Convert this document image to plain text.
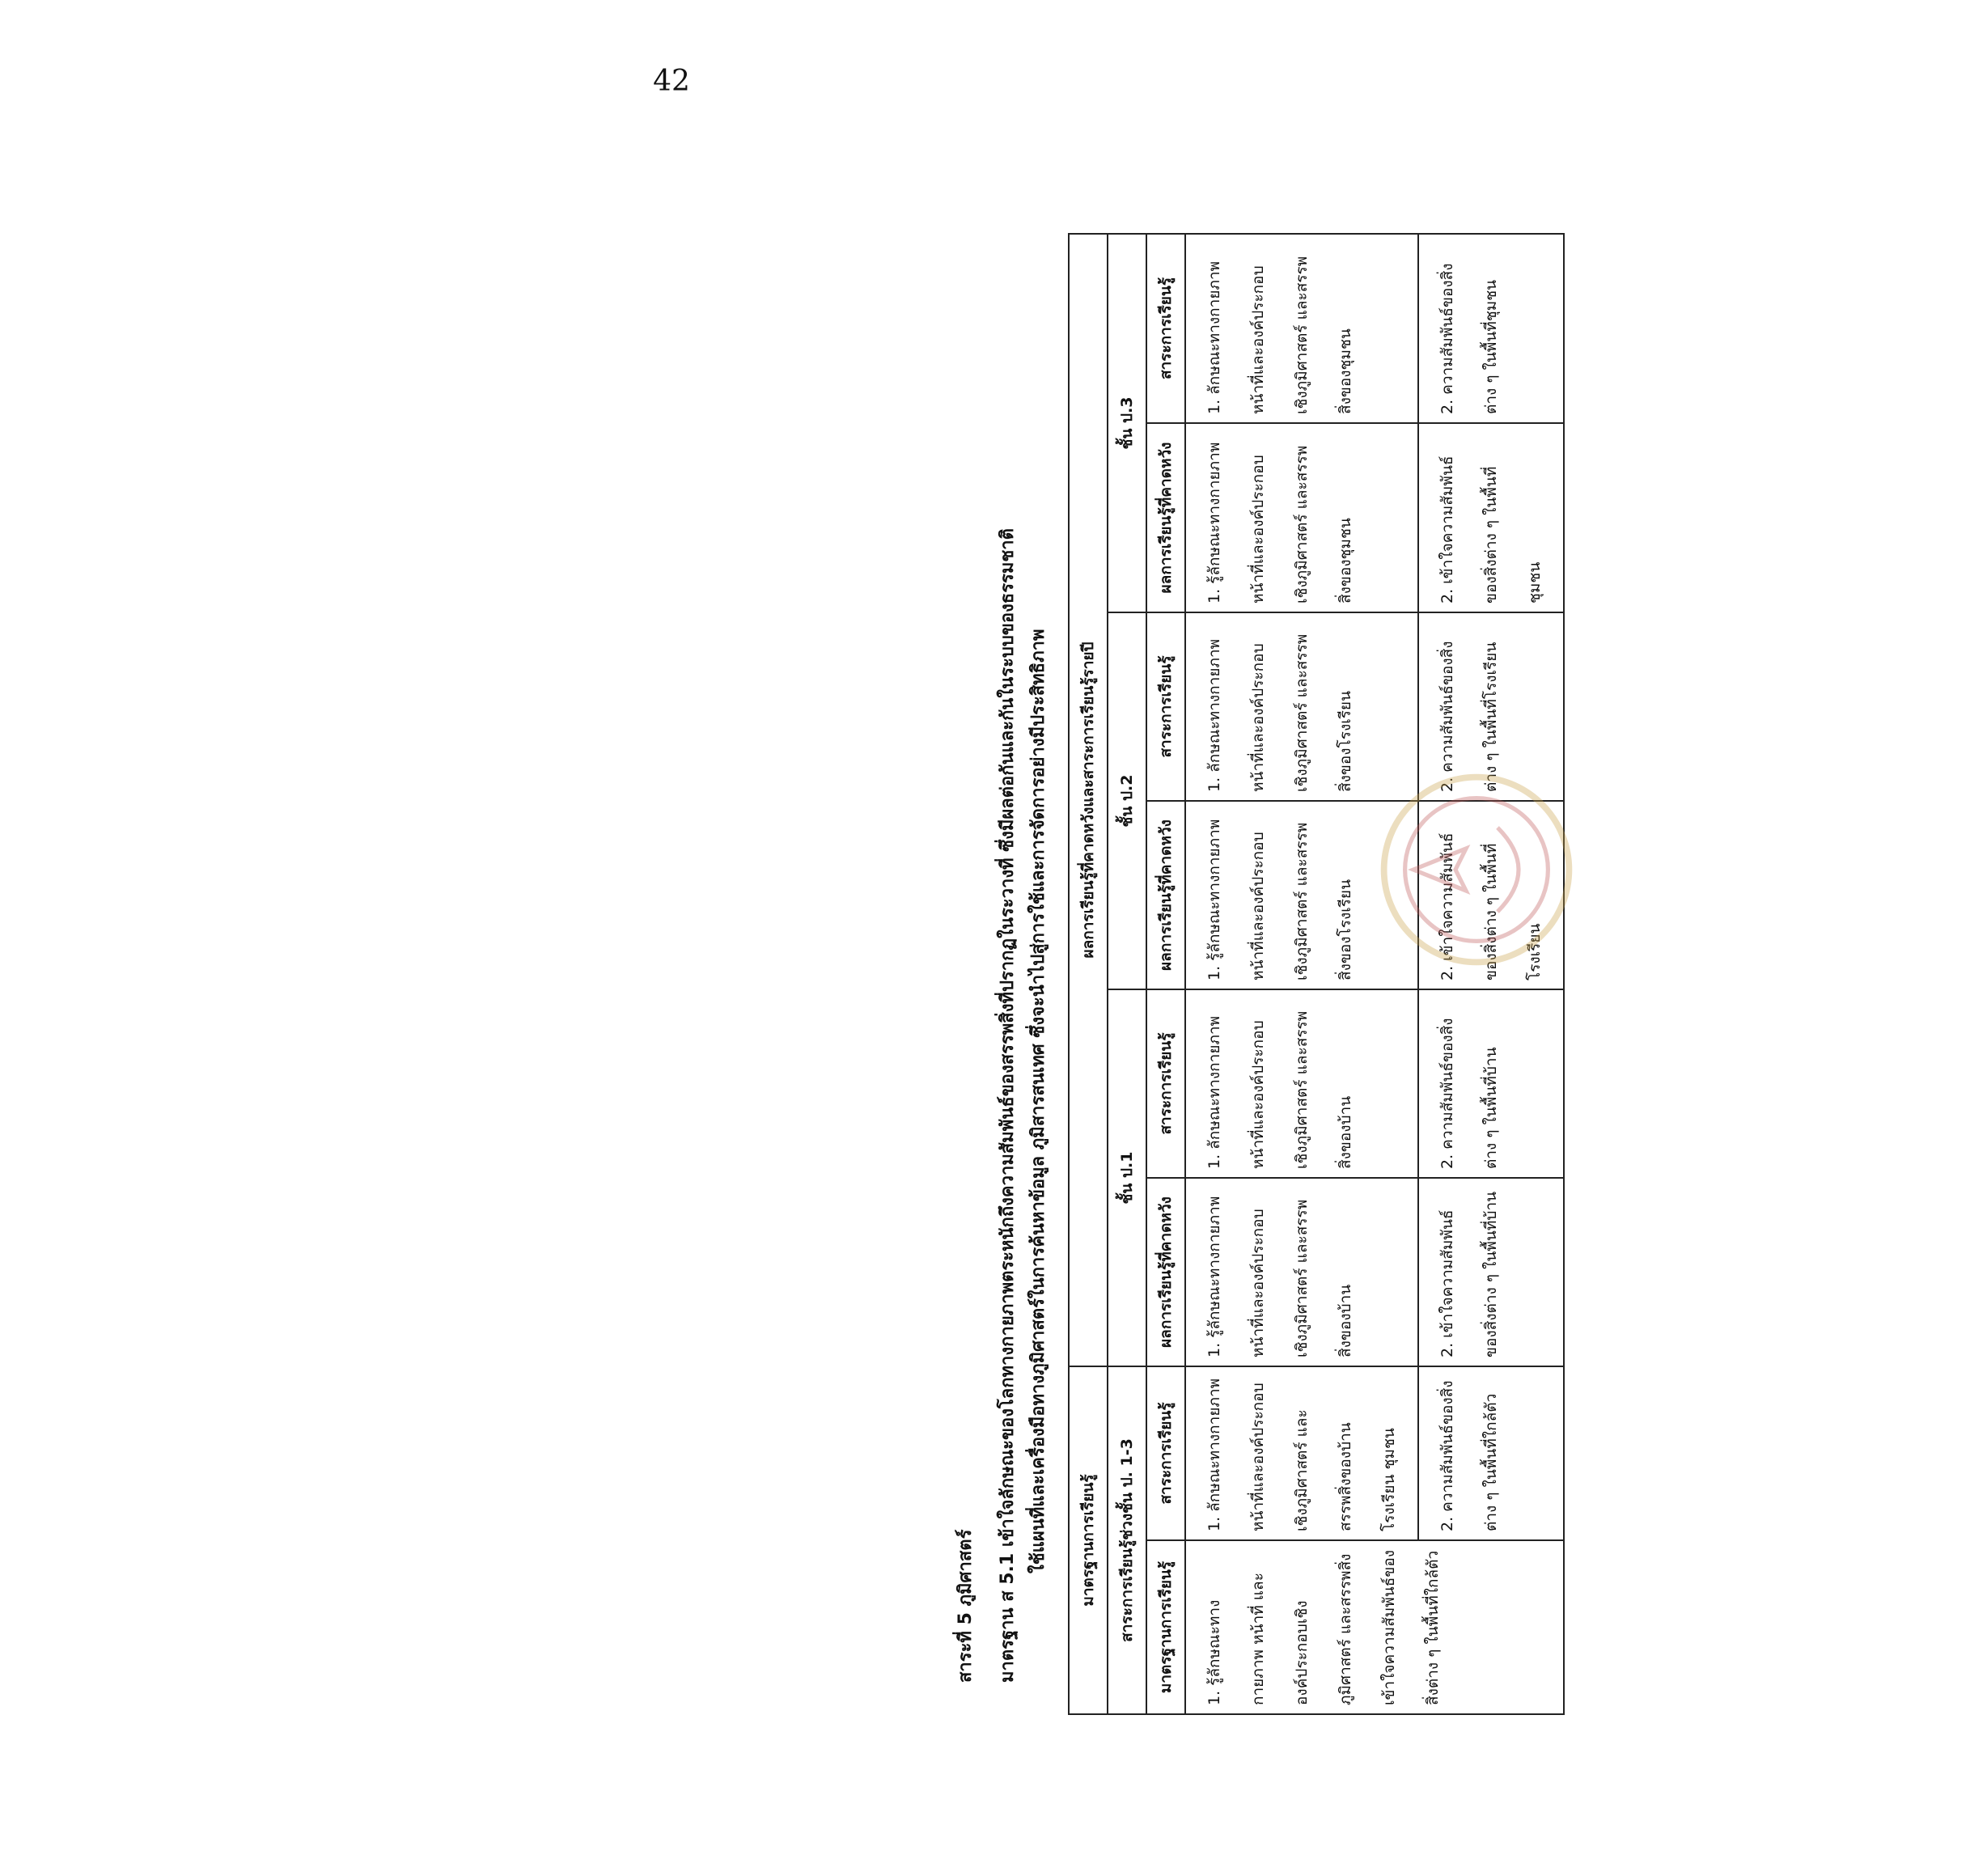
42
สาระที่ 5 ภูมิศาสตร์ มาตรฐาน ส 5.1 เข้าใจลักษณะของโลกทางกายภาพตระหนักถึงความสัมพันธ์ของสรรพสิ่งที่ปรากฏในระวางที่ ซึ่งมีผลต่อกันและกันในระบบของธรรมชาติ ใช้แผนที่และเครื่องมือทางภูมิศาสตร์ในการค้นหาข้อมูล ภูมิสารสนเทศ ซึ่งจะนำไปสู่การใช้และการจัดการอย่างมีประสิทธิภาพ มาตรฐานการเรียนรู้		ผลการเรียนรู้ที่คาดหวังและสาระการเรียนรู้รายปี					
สาระการเรียนรู้ช่วงชั้น ป. 1-3		ชั้น ป.1		ชั้น ป.2		ชั้น ป.3	
มาตรฐานการเรียนรู้	สาระการเรียนรู้	ผลการเรียนรู้ที่คาดหวัง	สาระการเรียนรู้	ผลการเรียนรู้ที่คาดหวัง	สาระการเรียนรู้	ผลการเรียนรู้ที่คาดหวัง	สาระการเรียนรู้
1. รู้ลักษณะทางกายภาพ หน้าที่ และองค์ประกอบเชิงภูมิศาสตร์ และสรรพสิ่ง เข้าใจความสัมพันธ์ของสิ่งต่าง ๆ ในพื้นที่ใกล้ตัว	1. ลักษณะทางกายภาพ หน้าที่และองค์ประกอบเชิงภูมิศาสตร์ และสรรพสิ่งของบ้าน โรงเรียน ชุมชน	1. รู้ลักษณะทางกายภาพ หน้าที่และองค์ประกอบเชิงภูมิศาสตร์ และสรรพสิ่งของบ้าน	1. ลักษณะทางกายภาพ หน้าที่และองค์ประกอบเชิงภูมิศาสตร์ และสรรพสิ่งของบ้าน	1. รู้ลักษณะทางกายภาพ หน้าที่และองค์ประกอบเชิงภูมิศาสตร์ และสรรพสิ่งของโรงเรียน	1. ลักษณะทางกายภาพ หน้าที่และองค์ประกอบเชิงภูมิศาสตร์ และสรรพสิ่งของโรงเรียน	1. รู้ลักษณะทางกายภาพ หน้าที่และองค์ประกอบเชิงภูมิศาสตร์ และสรรพสิ่งของชุมชน	1. ลักษณะทางกายภาพ หน้าที่และองค์ประกอบเชิงภูมิศาสตร์ และสรรพสิ่งของชุมชน
	2. ความสัมพันธ์ของสิ่งต่าง ๆ ในพื้นที่ใกล้ตัว	2. เข้าใจความสัมพันธ์ของสิ่งต่าง ๆ ในพื้นที่บ้าน	2. ความสัมพันธ์ของสิ่งต่าง ๆ ในพื้นที่บ้าน	2. เข้าใจความสัมพันธ์ของสิ่งต่าง ๆ ในพื้นที่โรงเรียน	2. ความสัมพันธ์ของสิ่งต่าง ๆ ในพื้นที่โรงเรียน	2. เข้าใจความสัมพันธ์ของสิ่งต่าง ๆ ในพื้นที่ชุมชน	2. ความสัมพันธ์ของสิ่งต่าง ๆ ในพื้นที่ชุมชน
